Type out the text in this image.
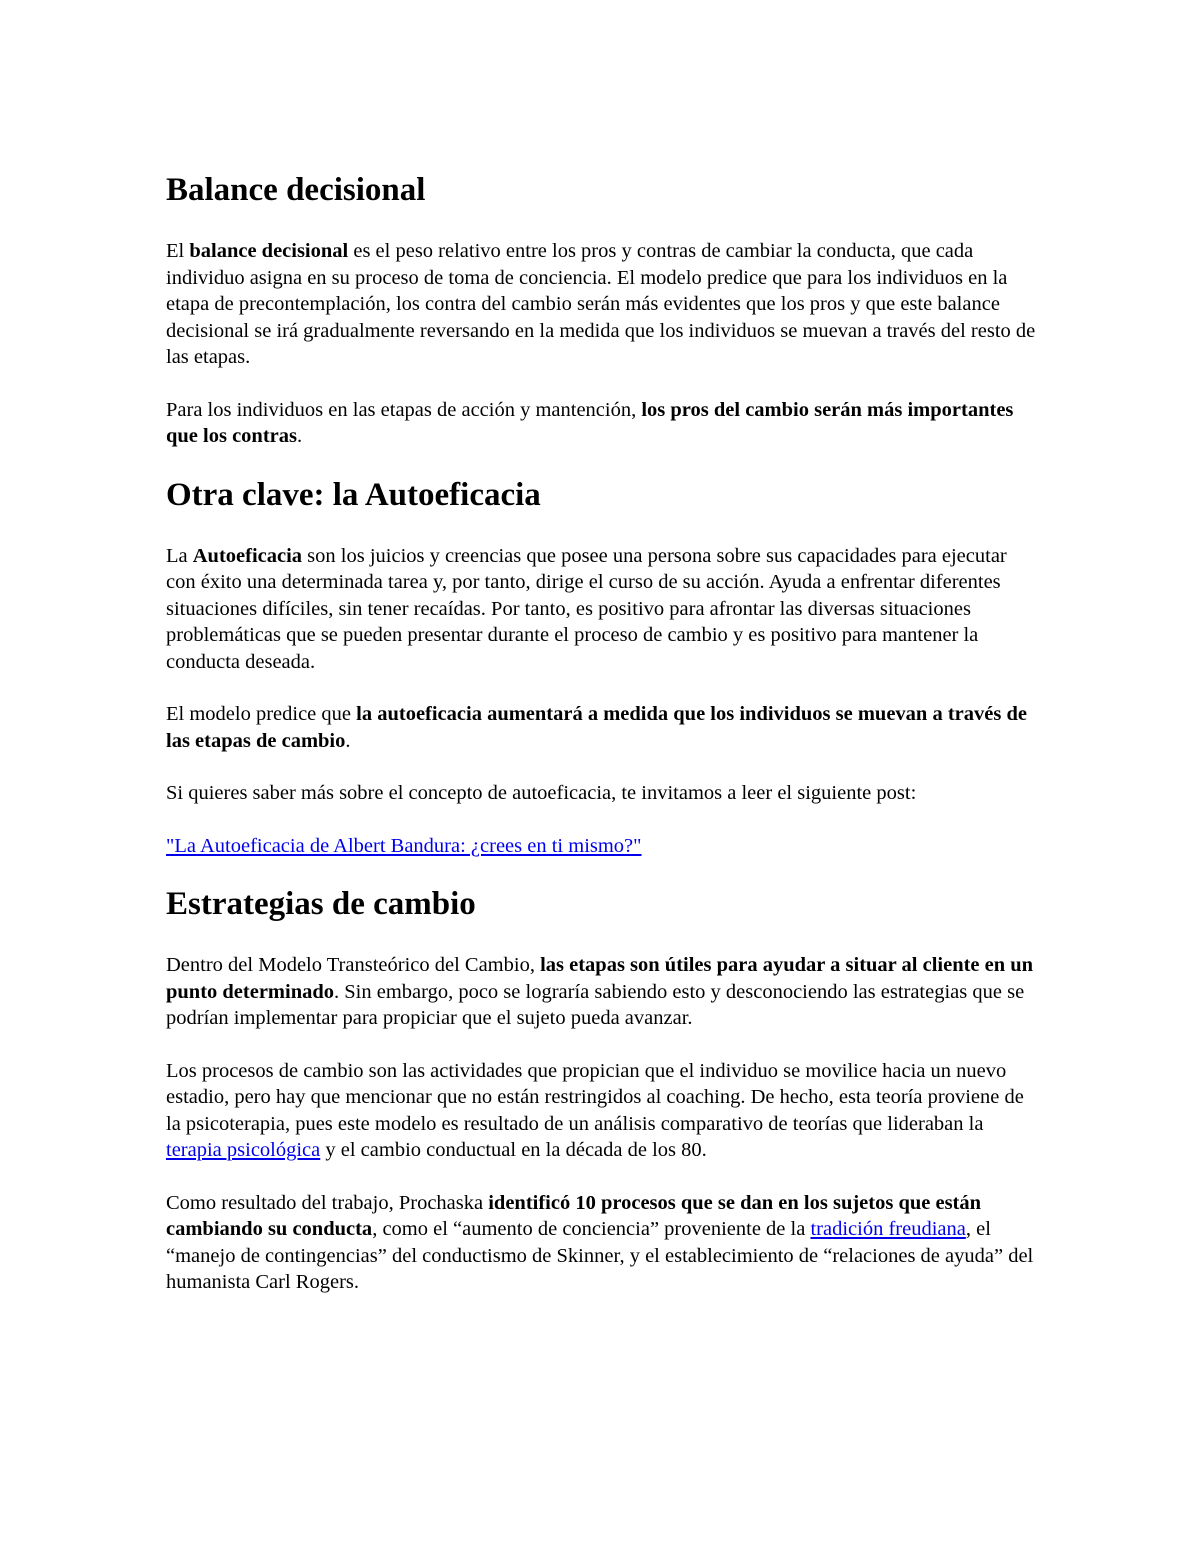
Balance decisional

El balance decisional es el peso relativo entre los pros y contras de cambiar la conducta, que cada individuo asigna en su proceso de toma de conciencia. El modelo predice que para los individuos en la etapa de precontemplación, los contra del cambio serán más evidentes que los pros y que este balance decisional se irá gradualmente reversando en la medida que los individuos se muevan a través del resto de las etapas.

Para los individuos en las etapas de acción y mantención, los pros del cambio serán más importantes que los contras.

Otra clave: la Autoeficacia

La Autoeficacia son los juicios y creencias que posee una persona sobre sus capacidades para ejecutar con éxito una determinada tarea y, por tanto, dirige el curso de su acción. Ayuda a enfrentar diferentes situaciones difíciles, sin tener recaídas. Por tanto, es positivo para afrontar las diversas situaciones problemáticas que se pueden presentar durante el proceso de cambio y es positivo para mantener la conducta deseada.

El modelo predice que la autoeficacia aumentará a medida que los individuos se muevan a través de las etapas de cambio.

Si quieres saber más sobre el concepto de autoeficacia, te invitamos a leer el siguiente post:

"La Autoeficacia de Albert Bandura: ¿crees en ti mismo?"

Estrategias de cambio

Dentro del Modelo Transteórico del Cambio, las etapas son útiles para ayudar a situar al cliente en un punto determinado. Sin embargo, poco se lograría sabiendo esto y desconociendo las estrategias que se podrían implementar para propiciar que el sujeto pueda avanzar.

Los procesos de cambio son las actividades que propician que el individuo se movilice hacia un nuevo estadio, pero hay que mencionar que no están restringidos al coaching. De hecho, esta teoría proviene de la psicoterapia, pues este modelo es resultado de un análisis comparativo de teorías que lideraban la terapia psicológica y el cambio conductual en la década de los 80.

Como resultado del trabajo, Prochaska identificó 10 procesos que se dan en los sujetos que están cambiando su conducta, como el “aumento de conciencia” proveniente de la tradición freudiana, el “manejo de contingencias” del conductismo de Skinner, y el establecimiento de “relaciones de ayuda” del humanista Carl Rogers.
